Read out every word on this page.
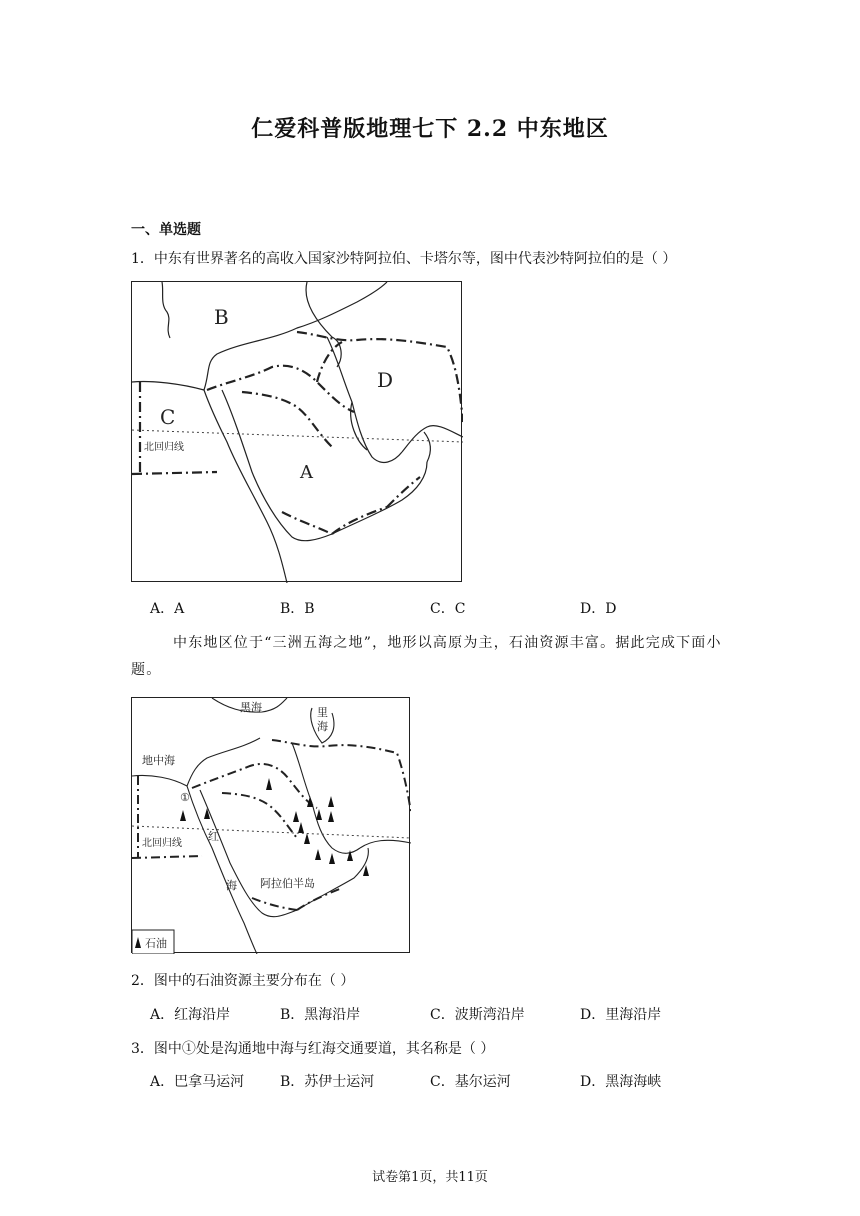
仁爱科普版地理七下 2.2 中东地区
一、单选题
1．中东有世界著名的高收入国家沙特阿拉伯、卡塔尔等，图中代表沙特阿拉伯的是（ ）
B
D
C
A
北回归线
A．A	B．B	C．C	D．D
中东地区位于“三洲五海之地”，地形以高原为主，石油资源丰富。据此完成下面小题。
黑海	里
海
地中海
①
红
海
北回归线
阿拉伯半岛
石油
2．图中的石油资源主要分布在（ ）
A．红海沿岸	B．黑海沿岸	C．波斯湾沿岸	D．里海沿岸
3．图中①处是沟通地中海与红海交通要道，其名称是（ ）
A．巴拿马运河	B．苏伊士运河	C．基尔运河	D．黑海海峡
试卷第1页，共11页
